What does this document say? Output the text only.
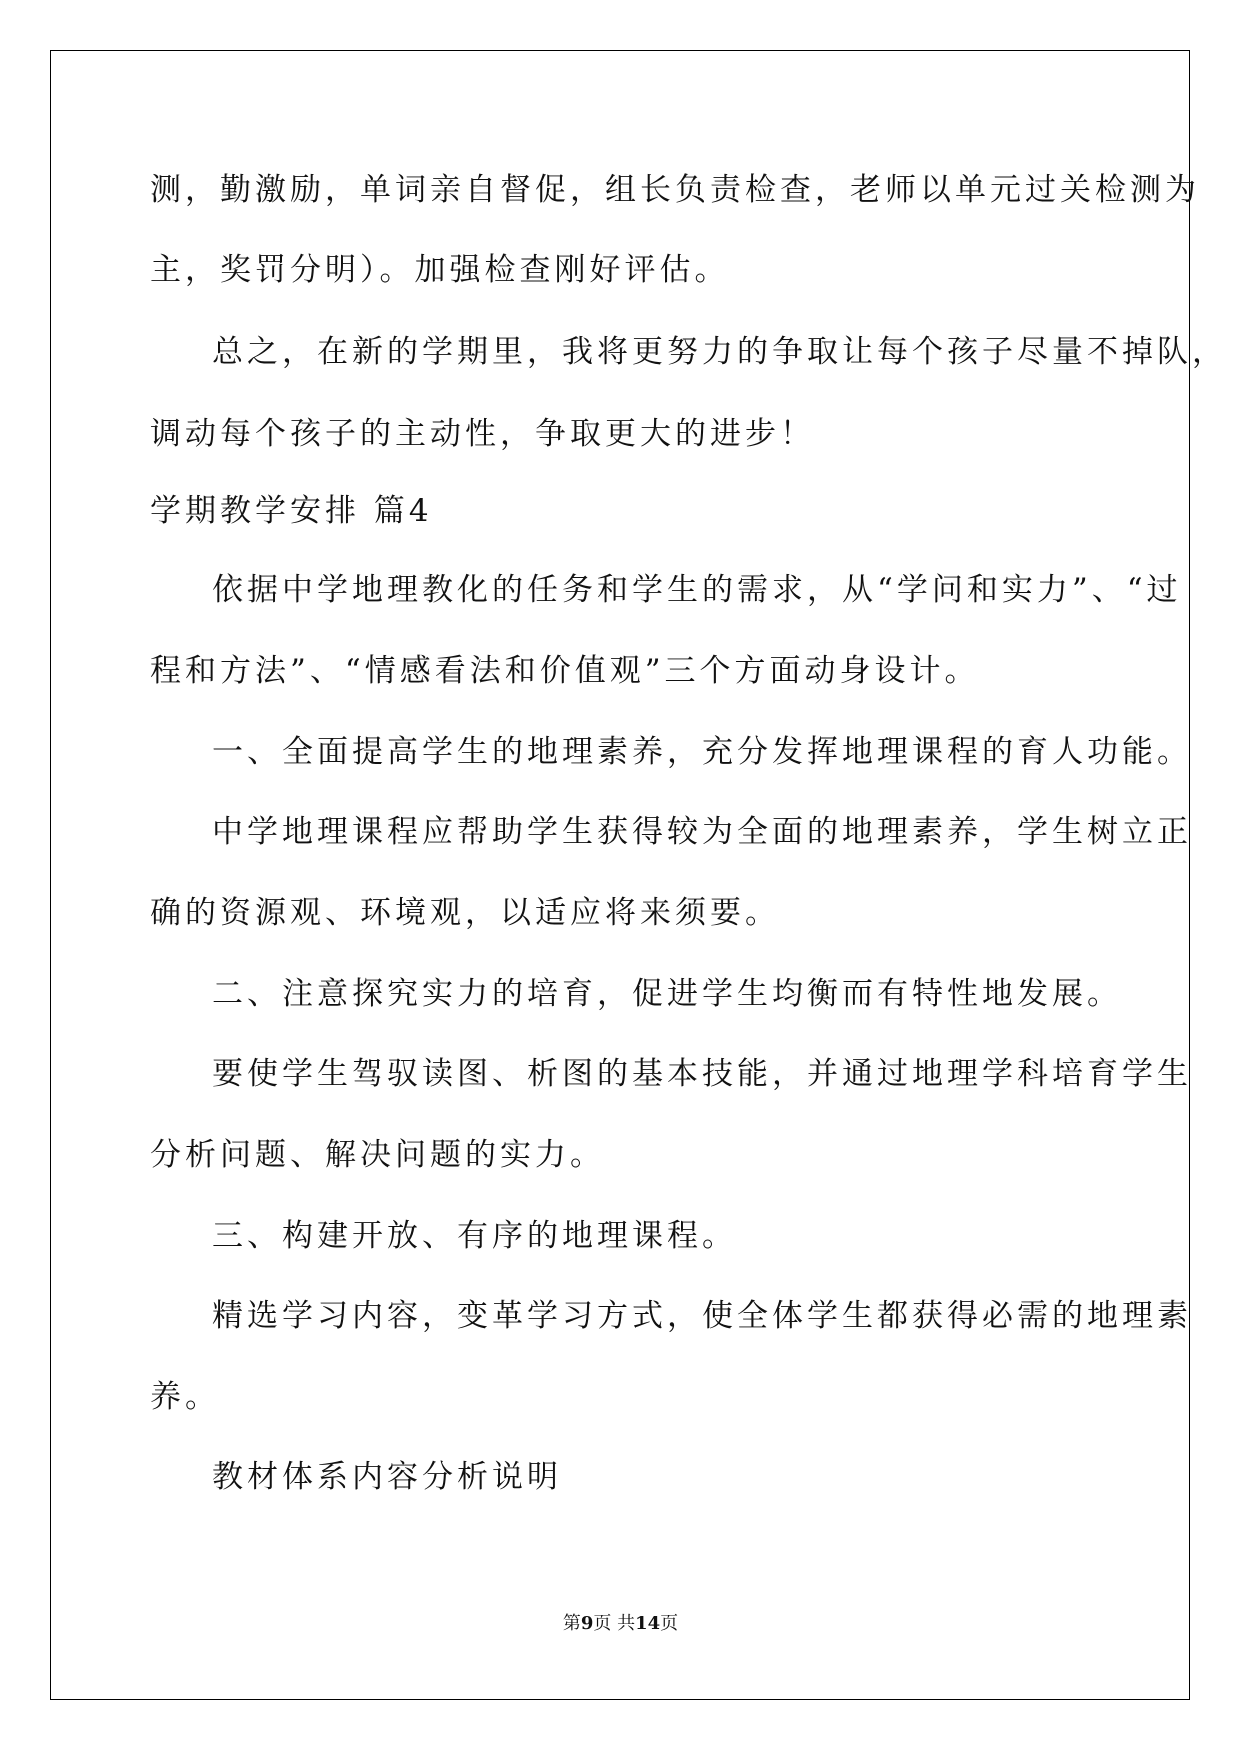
测，勤激励，单词亲自督促，组长负责检查，老师以单元过关检测为
主，奖罚分明）。加强检查刚好评估。
总之，在新的学期里，我将更努力的争取让每个孩子尽量不掉队，
调动每个孩子的主动性，争取更大的进步！
学期教学安排 篇4
依据中学地理教化的任务和学生的需求，从“学问和实力”、“过
程和方法”、“情感看法和价值观”三个方面动身设计。
一、全面提高学生的地理素养，充分发挥地理课程的育人功能。
中学地理课程应帮助学生获得较为全面的地理素养，学生树立正
确的资源观、环境观，以适应将来须要。
二、注意探究实力的培育，促进学生均衡而有特性地发展。
要使学生驾驭读图、析图的基本技能，并通过地理学科培育学生
分析问题、解决问题的实力。
三、构建开放、有序的地理课程。
精选学习内容，变革学习方式，使全体学生都获得必需的地理素
养。
教材体系内容分析说明
第9页 共14页
